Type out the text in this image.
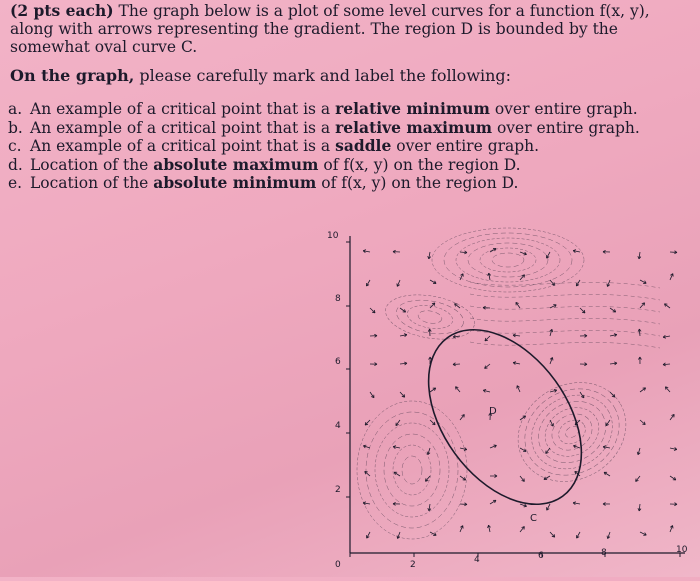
(2 pts each) The graph below is a plot of some level curves for a function f(x, y), along with arrows representing the gradient. The region D is bounded by the somewhat oval curve C.

On the graph, please carefully mark and label the following:

a. An example of a critical point that is a relative minimum over entire graph.
b. An example of a critical point that is a relative maximum over entire graph.
c. An example of a critical point that is a saddle over entire graph.
d. Location of the absolute maximum of f(x, y) on the region D.
e. Location of the absolute minimum of f(x, y) on the region D.
D
C
10
8
6
4
2
0	2	4	6	8	10
